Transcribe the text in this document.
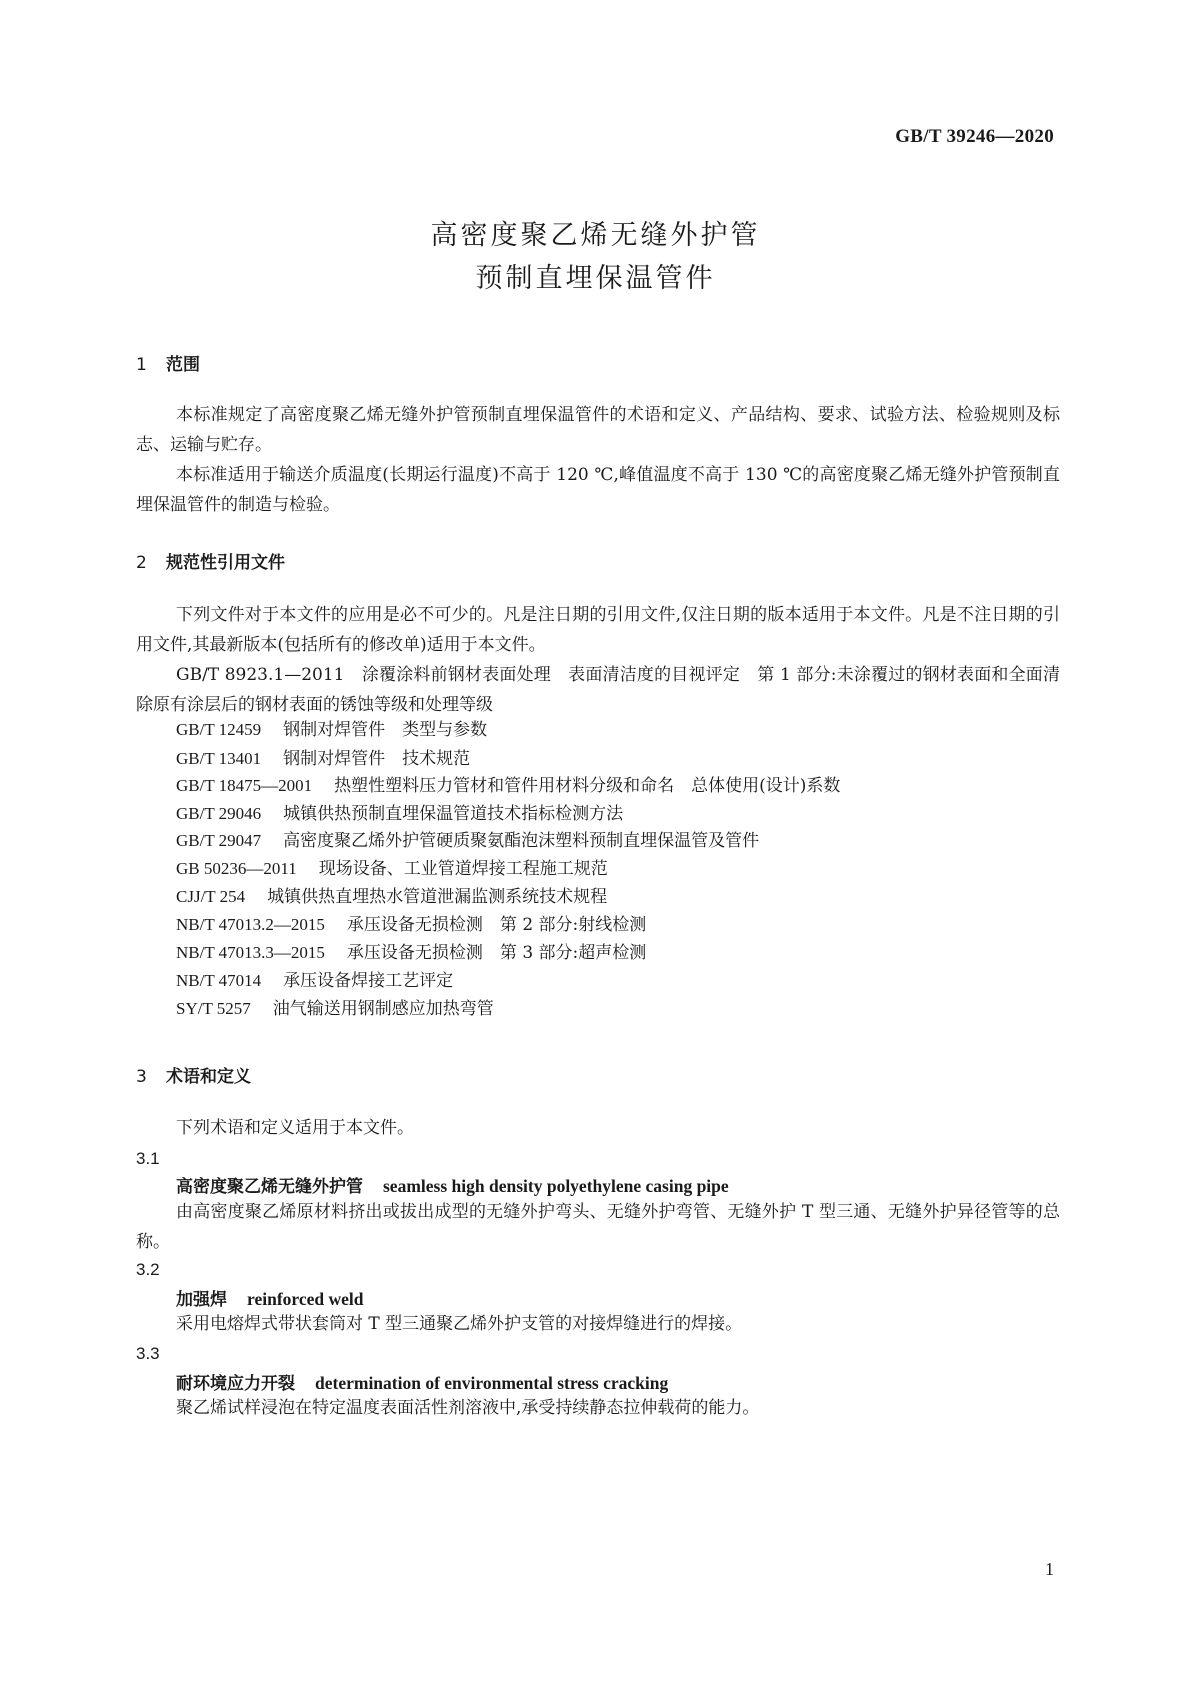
GB/T 39246—2020
高密度聚乙烯无缝外护管
预制直埋保温管件
1 范围
本标准规定了高密度聚乙烯无缝外护管预制直埋保温管件的术语和定义、产品结构、要求、试验方法、检验规则及标志、运输与贮存。
本标准适用于输送介质温度(长期运行温度)不高于 120 ℃,峰值温度不高于 130 ℃的高密度聚乙烯无缝外护管预制直埋保温管件的制造与检验。
2 规范性引用文件
下列文件对于本文件的应用是必不可少的。凡是注日期的引用文件,仅注日期的版本适用于本文件。凡是不注日期的引用文件,其最新版本(包括所有的修改单)适用于本文件。
GB/T 8923.1—2011　涂覆涂料前钢材表面处理　表面清洁度的目视评定　第 1 部分:未涂覆过的钢材表面和全面清除原有涂层后的钢材表面的锈蚀等级和处理等级
GB/T 12459 钢制对焊管件　类型与参数
GB/T 13401 钢制对焊管件　技术规范
GB/T 18475—2001 热塑性塑料压力管材和管件用材料分级和命名　总体使用(设计)系数
GB/T 29046 城镇供热预制直埋保温管道技术指标检测方法
GB/T 29047 高密度聚乙烯外护管硬质聚氨酯泡沫塑料预制直埋保温管及管件
GB 50236—2011 现场设备、工业管道焊接工程施工规范
CJJ/T 254 城镇供热直埋热水管道泄漏监测系统技术规程
NB/T 47013.2—2015 承压设备无损检测　第 2 部分:射线检测
NB/T 47013.3—2015 承压设备无损检测　第 3 部分:超声检测
NB/T 47014 承压设备焊接工艺评定
SY/T 5257 油气输送用钢制感应加热弯管
3 术语和定义
下列术语和定义适用于本文件。
3.1
高密度聚乙烯无缝外护管 seamless high density polyethylene casing pipe
由高密度聚乙烯原材料挤出或拔出成型的无缝外护弯头、无缝外护弯管、无缝外护 T 型三通、无缝外护异径管等的总称。
3.2
加强焊 reinforced weld
采用电熔焊式带状套筒对 T 型三通聚乙烯外护支管的对接焊缝进行的焊接。
3.3
耐环境应力开裂 determination of environmental stress cracking
聚乙烯试样浸泡在特定温度表面活性剂溶液中,承受持续静态拉伸载荷的能力。
1
